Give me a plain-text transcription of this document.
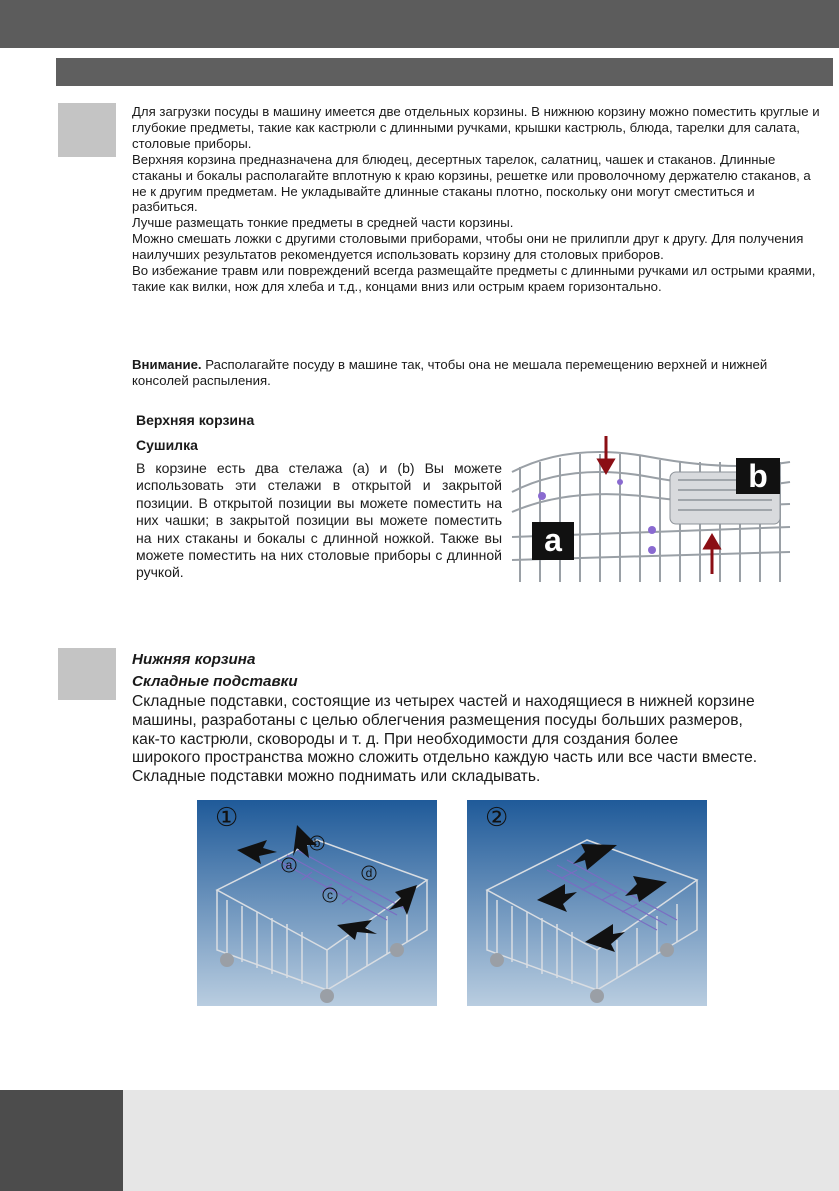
Для загрузки посуды в машину имеется две отдельных корзины. В нижнюю корзину можно поместить круглые и глубокие предметы, такие как кастрюли с длинными ручками, крышки кастрюль, блюда, тарелки для салата, столовые приборы.

Верхняя корзина предназначена для блюдец, десертных тарелок, салатниц, чашек и стаканов. Длинные стаканы и бокалы располагайте вплотную к краю корзины, решетке или проволочному держателю стаканов, а не к другим предметам. Не укладывайте длинные стаканы плотно, поскольку они могут сместиться и разбиться.

Лучше размещать тонкие предметы в средней части корзины.

Можно смешать ложки с другими столовыми приборами, чтобы они не прилипли друг к другу. Для получения наилучших результатов рекомендуется использовать корзину для столовых приборов.

Во избежание травм или повреждений всегда размещайте предметы с длинными ручками ил острыми краями, такие как вилки, нож для хлеба и т.д., концами вниз или острым краем горизонтально.

Внимание. Располагайте посуду в машине так, чтобы она не мешала перемещению верхней и нижней консолей распыления.
Верхняя корзина
Сушилка
В корзине есть два стелажа (a) и (b) Вы можете использовать эти стелажи в открытой и закрытой позиции. В открытой позиции вы можете поместить на них чашки; в закрытой позиции вы можете поместить на них стаканы и бокалы с длинной ножкой. Также вы можете поместить на них столовые приборы с длинной ручкой.
b
a
Нижняя корзина
Складные подставки
Складные подставки, состоящие из четырех частей и находящиеся в нижней корзине
машины, разработаны с целью облегчения размещения посуды больших размеров,
как-то кастрюли, сковороды и т. д. При необходимости для создания более
широкого пространства можно сложить отдельно каждую часть или все части вместе.
Складные подставки можно поднимать или складывать.
①
a
b
c
d
②
